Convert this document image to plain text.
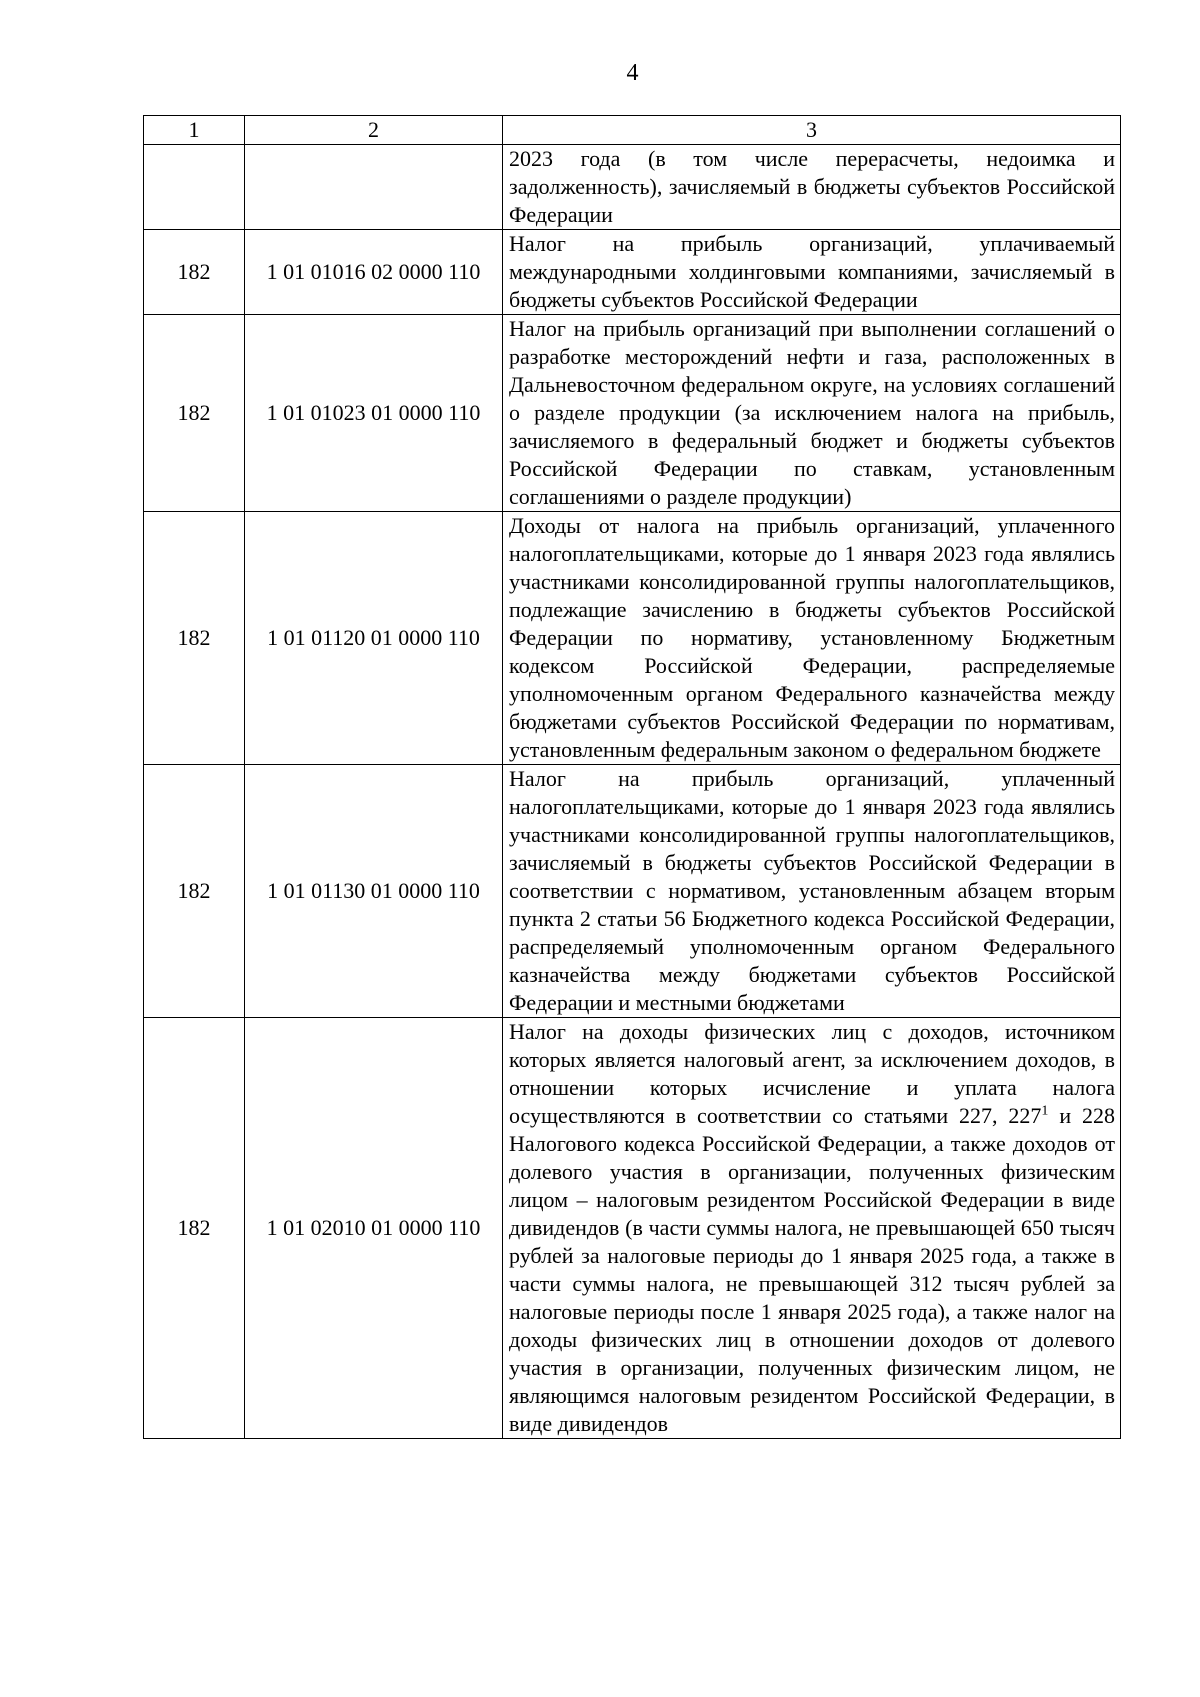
4
1	2	3
		2023 года (в том числе перерасчеты, недоимка и задолженность), зачисляемый в бюджеты субъектов Российской Федерации
182	1 01 01016 02 0000 110	Налог на прибыль организаций, уплачиваемый международными холдинговыми компаниями, зачисляемый в бюджеты субъектов Российской Федерации
182	1 01 01023 01 0000 110	Налог на прибыль организаций при выполнении соглашений о разработке месторождений нефти и газа, расположенных в Дальневосточном федеральном округе, на условиях соглашений о разделе продукции (за исключением налога на прибыль, зачисляемого в федеральный бюджет и бюджеты субъектов Российской Федерации по ставкам, установленным соглашениями о разделе продукции)
182	1 01 01120 01 0000 110	Доходы от налога на прибыль организаций, уплаченного налогоплательщиками, которые до 1 января 2023 года являлись участниками консолидированной группы налогоплательщиков, подлежащие зачислению в бюджеты субъектов Российской Федерации по нормативу, установленному Бюджетным кодексом Российской Федерации, распределяемые уполномоченным органом Федерального казначейства между бюджетами субъектов Российской Федерации по нормативам, установленным федеральным законом о федеральном бюджете
182	1 01 01130 01 0000 110	Налог на прибыль организаций, уплаченный налогоплательщиками, которые до 1 января 2023 года являлись участниками консолидированной группы налогоплательщиков, зачисляемый в бюджеты субъектов Российской Федерации в соответствии с нормативом, установленным абзацем вторым пункта 2 статьи 56 Бюджетного кодекса Российской Федерации, распределяемый уполномоченным органом Федерального казначейства между бюджетами субъектов Российской Федерации и местными бюджетами
182	1 01 02010 01 0000 110	Налог на доходы физических лиц с доходов, источником которых является налоговый агент, за исключением доходов, в отношении которых исчисление и уплата налога осуществляются в соответствии со статьями 227, $227^1$ и 228 Налогового кодекса Российской Федерации, а также доходов от долевого участия в организации, полученных физическим лицом – налоговым резидентом Российской Федерации в виде дивидендов (в части суммы налога, не превышающей 650 тысяч рублей за налоговые периоды до 1 января 2025 года, а также в части суммы налога, не превышающей 312 тысяч рублей за налоговые периоды после 1 января 2025 года), а также налог на доходы физических лиц в отношении доходов от долевого участия в организации, полученных физическим лицом, не являющимся налоговым резидентом Российской Федерации, в виде дивидендов
